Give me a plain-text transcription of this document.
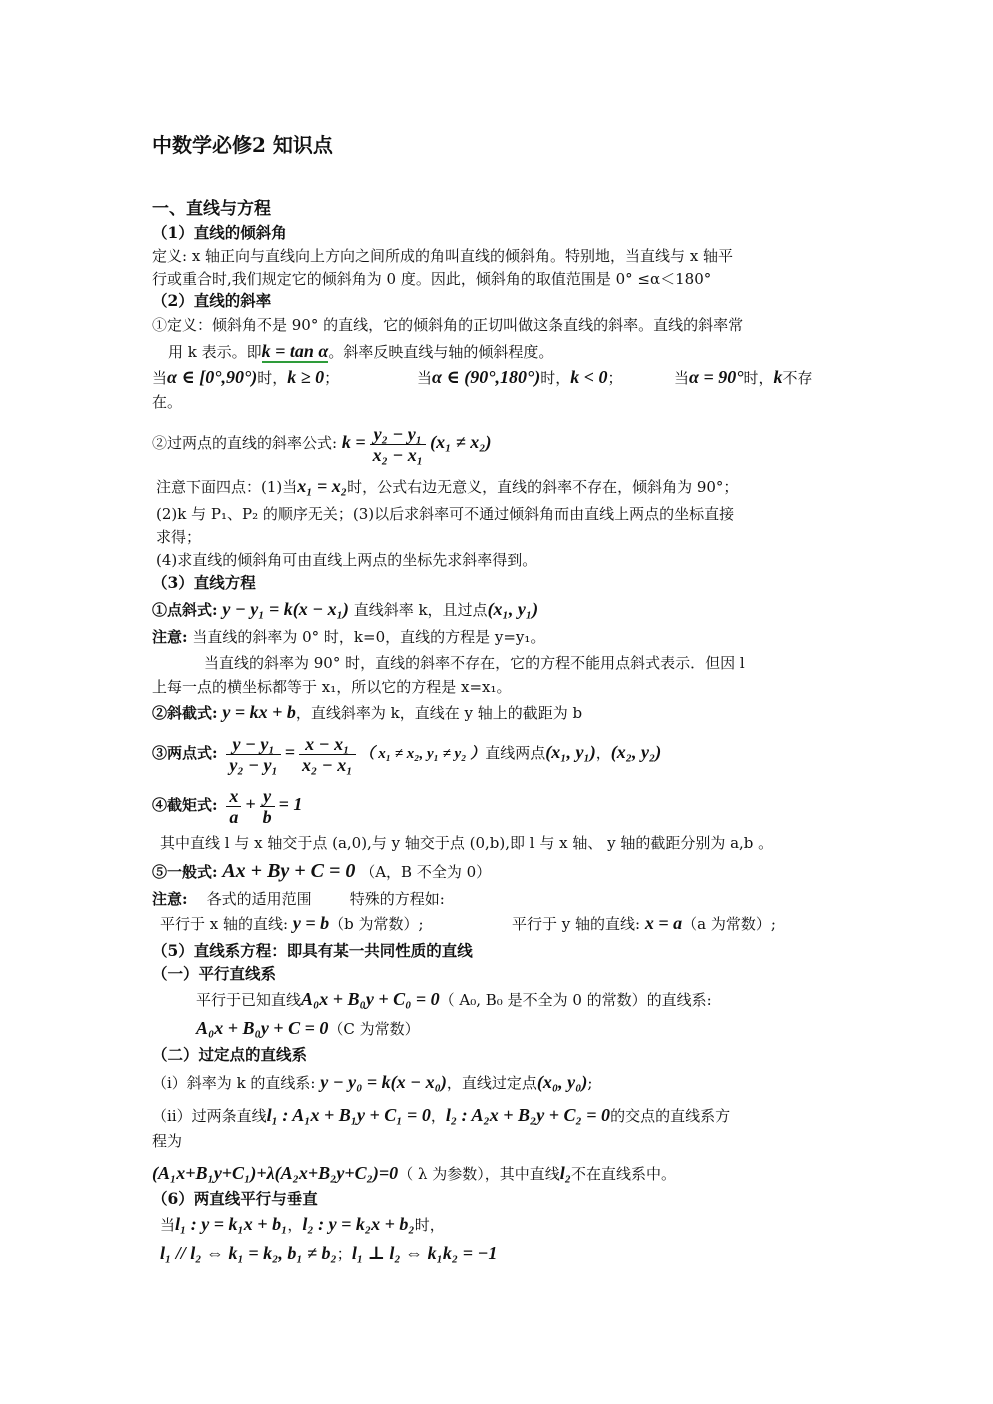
中数学必修2 知识点
一、直线与方程
（1）直线的倾斜角
定义: x 轴正向与直线向上方向之间所成的角叫直线的倾斜角。特别地，当直线与 x 轴平
行或重合时,我们规定它的倾斜角为 0 度。因此，倾斜角的取值范围是 0° ≤α＜180°
（2）直线的斜率
①定义：倾斜角不是 90° 的直线，它的倾斜角的正切叫做这条直线的斜率。直线的斜率常
用 k 表示。即k = tan α。斜率反映直线与轴的倾斜程度。
当α ∈ [0°,90°)时，k ≥ 0；	当α ∈ (90°,180°)时，k < 0；	当α = 90°时，k不存
在。
②过两点的直线的斜率公式: $k = \frac{\text{y₂ − y₁}}{\text{x₂ − x₁}} (x_1 \ne x_2)$
注意下面四点：(1)当x₁ = x₂时，公式右边无意义，直线的斜率不存在，倾斜角为 90°；
(2)k 与 P₁、P₂ 的顺序无关；(3)以后求斜率可不通过倾斜角而由直线上两点的坐标直接
求得；
(4)求直线的倾斜角可由直线上两点的坐标先求斜率得到。
（3）直线方程
①点斜式: y − y₁ = k(x − x₁) 直线斜率 k，且过点(x₁, y₁)
注意: 当直线的斜率为 0° 时，k=0，直线的方程是 y=y₁。
当直线的斜率为 90° 时，直线的斜率不存在，它的方程不能用点斜式表示．但因 l
上每一点的横坐标都等于 x₁，所以它的方程是 x=x₁。
②斜截式: y = kx + b，直线斜率为 k，直线在 y 轴上的截距为 b
③两点式: $\frac{\text{y − y₁}}{\text{y₂ − y₁}} = \frac{\text{x − x₁}}{\text{x₂ − x₁}}$ （ x₁ ≠ x₂, y₁ ≠ y₂ ）直线两点(x₁, y₁)，(x₂, y₂)
④截矩式: $\frac{x}{a} + \frac{y}{b} = 1$
其中直线 l 与 x 轴交于点 (a,0),与 y 轴交于点 (0,b),即 l 与 x 轴、 y 轴的截距分别为 a,b 。
⑤一般式: Ax + By + C = 0 （A，B 不全为 0）
注意: 各式的适用范围	特殊的方程如:
平行于 x 轴的直线: y = b（b 为常数）;	平行于 y 轴的直线: x = a（a 为常数）;
（5）直线系方程：即具有某一共同性质的直线
（一）平行直线系
平行于已知直线A₀x + B₀y + C₀ = 0（ A₀, B₀ 是不全为 0 的常数）的直线系:
A₀x + B₀y + C = 0（C 为常数）
（二）过定点的直线系
（ⅰ）斜率为 k 的直线系: y − y₀ = k(x − x₀)，直线过定点(x₀, y₀);
（ⅱ）过两条直线l₁ : A₁x + B₁y + C₁ = 0，l₂ : A₂x + B₂y + C₂ = 0的交点的直线系方
程为
(A₁x+B₁y+C₁)+λ(A₂x+B₂y+C₂)=0（ λ 为参数），其中直线l₂不在直线系中。
（6）两直线平行与垂直
当l₁ : y = k₁x + b₁，l₂ : y = k₂x + b₂时，
l₁ // l₂ ⇔ k₁ = k₂, b₁ ≠ b₂；l₁ ⊥ l₂ ⇔ k₁k₂ = −1
